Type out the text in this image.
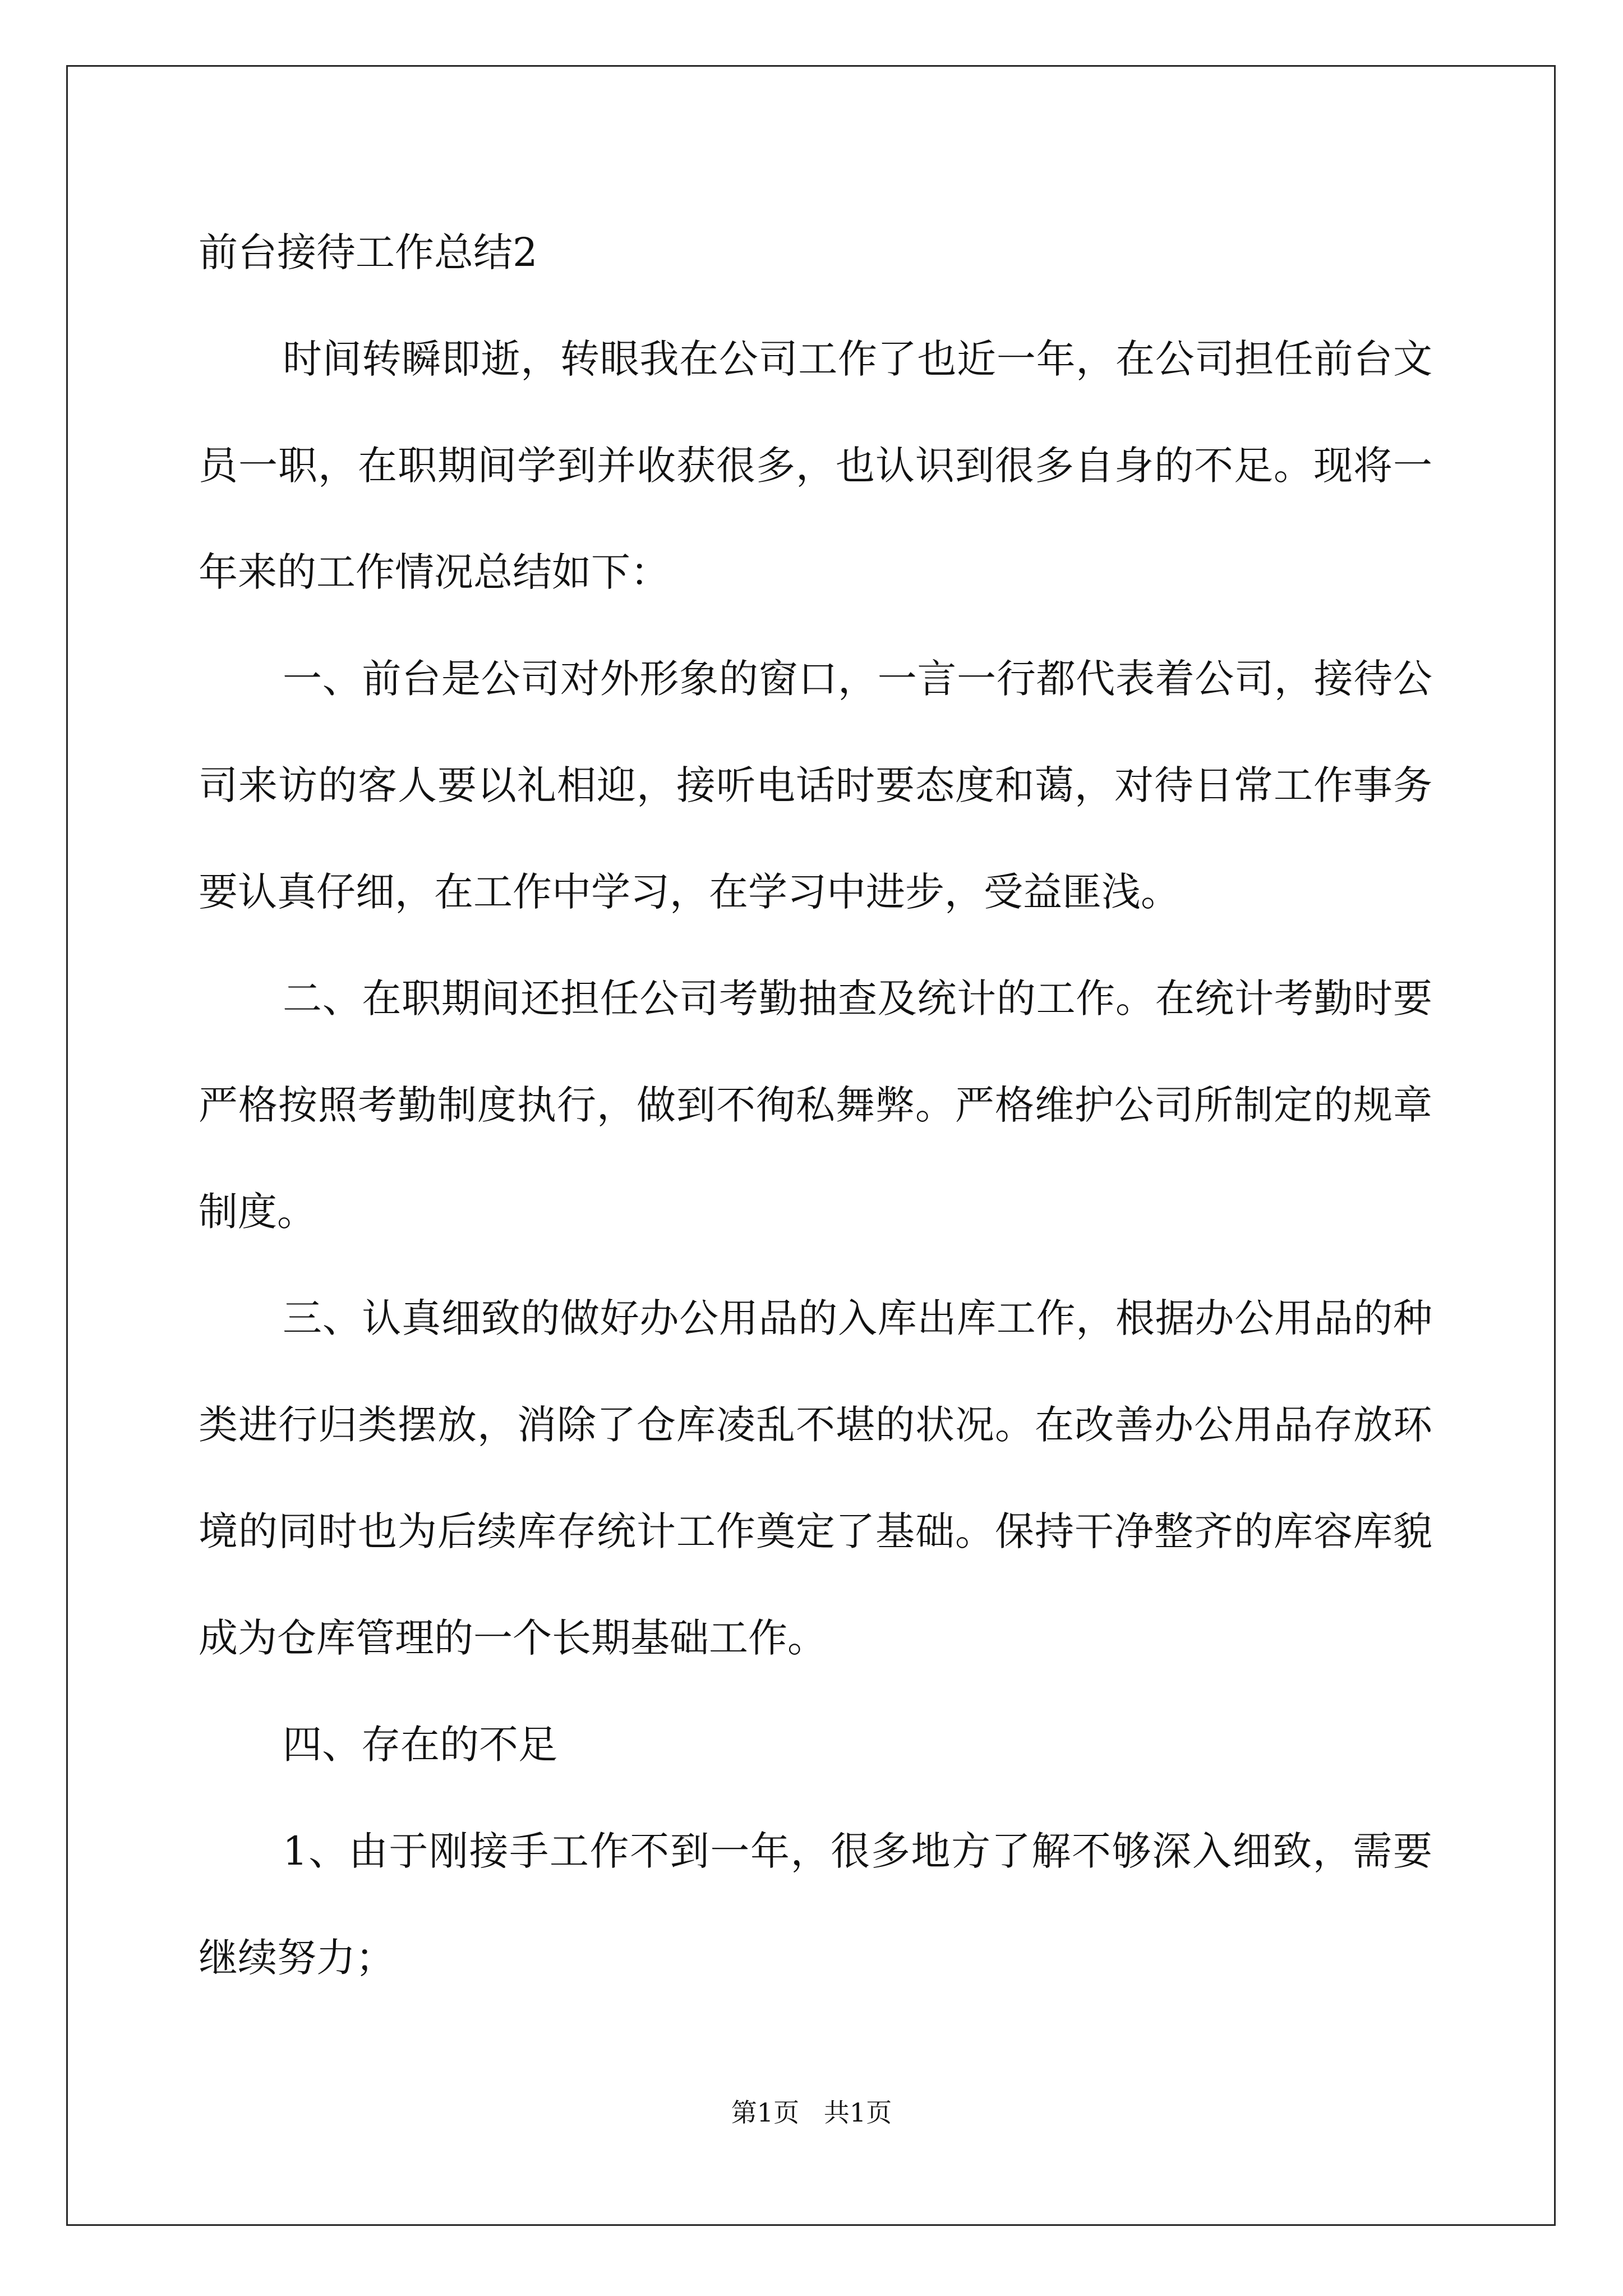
前台接待工作总结2

时间转瞬即逝，转眼我在公司工作了也近一年，在公司担任前台文员一职，在职期间学到并收获很多，也认识到很多自身的不足。现将一年来的工作情况总结如下：

一、前台是公司对外形象的窗口，一言一行都代表着公司，接待公司来访的客人要以礼相迎，接听电话时要态度和蔼，对待日常工作事务要认真仔细，在工作中学习，在学习中进步，受益匪浅。

二、在职期间还担任公司考勤抽查及统计的工作。在统计考勤时要严格按照考勤制度执行，做到不徇私舞弊。严格维护公司所制定的规章制度。

三、认真细致的做好办公用品的入库出库工作，根据办公用品的种类进行归类摆放，消除了仓库凌乱不堪的状况。在改善办公用品存放环境的同时也为后续库存统计工作奠定了基础。保持干净整齐的库容库貌成为仓库管理的一个长期基础工作。

四、存在的不足

1、由于刚接手工作不到一年，很多地方了解不够深入细致，需要继续努力；

第1页   共1页
